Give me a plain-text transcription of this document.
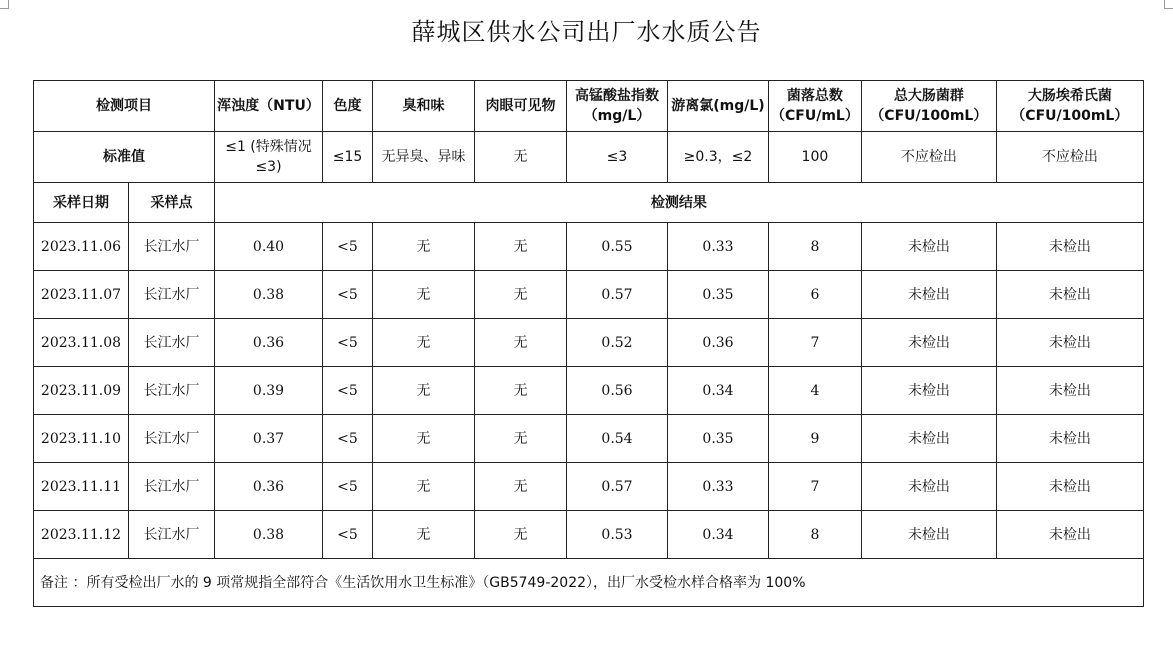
薛城区供水公司出厂水水质公告
检测项目		浑浊度（NTU）	色度	臭和味	肉眼可见物	高锰酸盐指数（mg/L）	游离氯(mg/L)	菌落总数（CFU/mL）	总大肠菌群（CFU/100mL）	大肠埃希氏菌（CFU/100mL）
标准值		≤1 (特殊情况≤3)	≤15	无异臭、异味	无	≤3	≥0.3，≤2	100	不应检出	不应检出
采样日期	采样点	检测结果								
2023.11.06	长江水厂	0.40	<5	无	无	0.55	0.33	8	未检出	未检出
2023.11.07	长江水厂	0.38	<5	无	无	0.57	0.35	6	未检出	未检出
2023.11.08	长江水厂	0.36	<5	无	无	0.52	0.36	7	未检出	未检出
2023.11.09	长江水厂	0.39	<5	无	无	0.56	0.34	4	未检出	未检出
2023.11.10	长江水厂	0.37	<5	无	无	0.54	0.35	9	未检出	未检出
2023.11.11	长江水厂	0.36	<5	无	无	0.57	0.33	7	未检出	未检出
2023.11.12	长江水厂	0.38	<5	无	无	0.53	0.34	8	未检出	未检出
备注 ：所有受检出厂水的 9 项常规指全部符合《生活饮用水卫生标准》（GB5749-2022），出厂水受检水样合格率为 100%										
